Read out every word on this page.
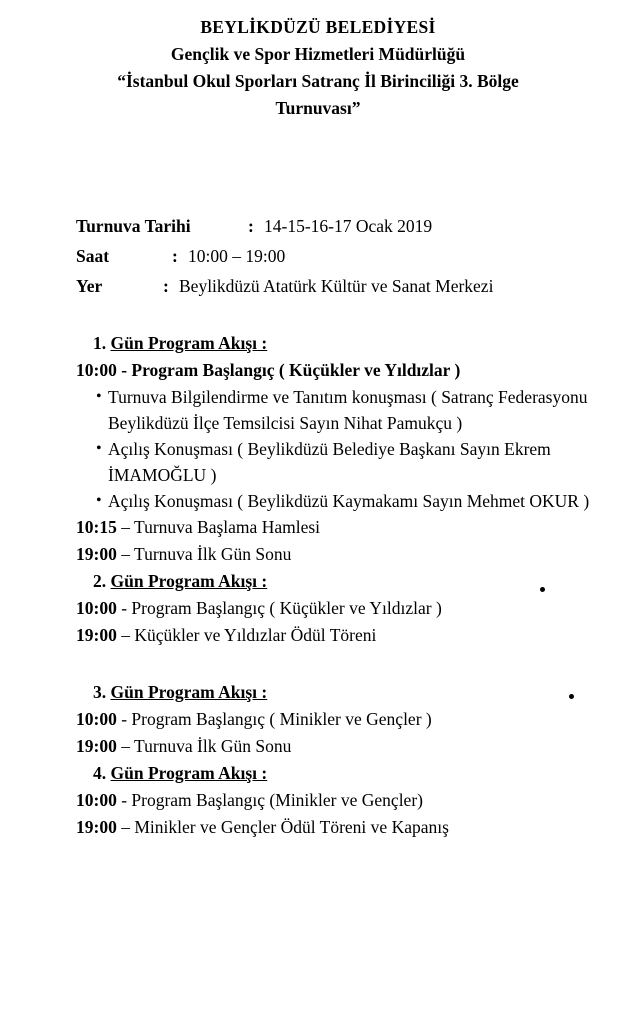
BEYLİKDÜZÜ BELEDİYESİ
Gençlik ve Spor Hizmetleri Müdürlüğü
“İstanbul Okul Sporları Satranç İl Birinciliği 3. Bölge
Turnuvası”
Turnuva Tarihi	: 14-15-16-17 Ocak 2019
Saat	: 10:00 – 19:00
Yer	: Beylikdüzü Atatürk Kültür ve Sanat Merkezi
1. Gün Program Akışı :
10:00 - Program Başlangıç ( Küçükler ve Yıldızlar )
• Turnuva Bilgilendirme ve Tanıtım konuşması ( Satranç Federasyonu Beylikdüzü İlçe Temsilcisi Sayın Nihat Pamukçu )
• Açılış Konuşması ( Beylikdüzü Belediye Başkanı Sayın Ekrem İMAMOĞLU )
• Açılış Konuşması ( Beylikdüzü Kaymakamı Sayın Mehmet OKUR )
10:15 – Turnuva Başlama Hamlesi
19:00 – Turnuva İlk Gün Sonu
2. Gün Program Akışı :
10:00 - Program Başlangıç ( Küçükler ve Yıldızlar )
19:00 – Küçükler ve Yıldızlar Ödül Töreni
3. Gün Program Akışı :
10:00 - Program Başlangıç ( Minikler ve Gençler )
19:00 – Turnuva İlk Gün Sonu
4. Gün Program Akışı :
10:00 - Program Başlangıç (Minikler ve Gençler)
19:00 – Minikler ve Gençler Ödül Töreni ve Kapanış
